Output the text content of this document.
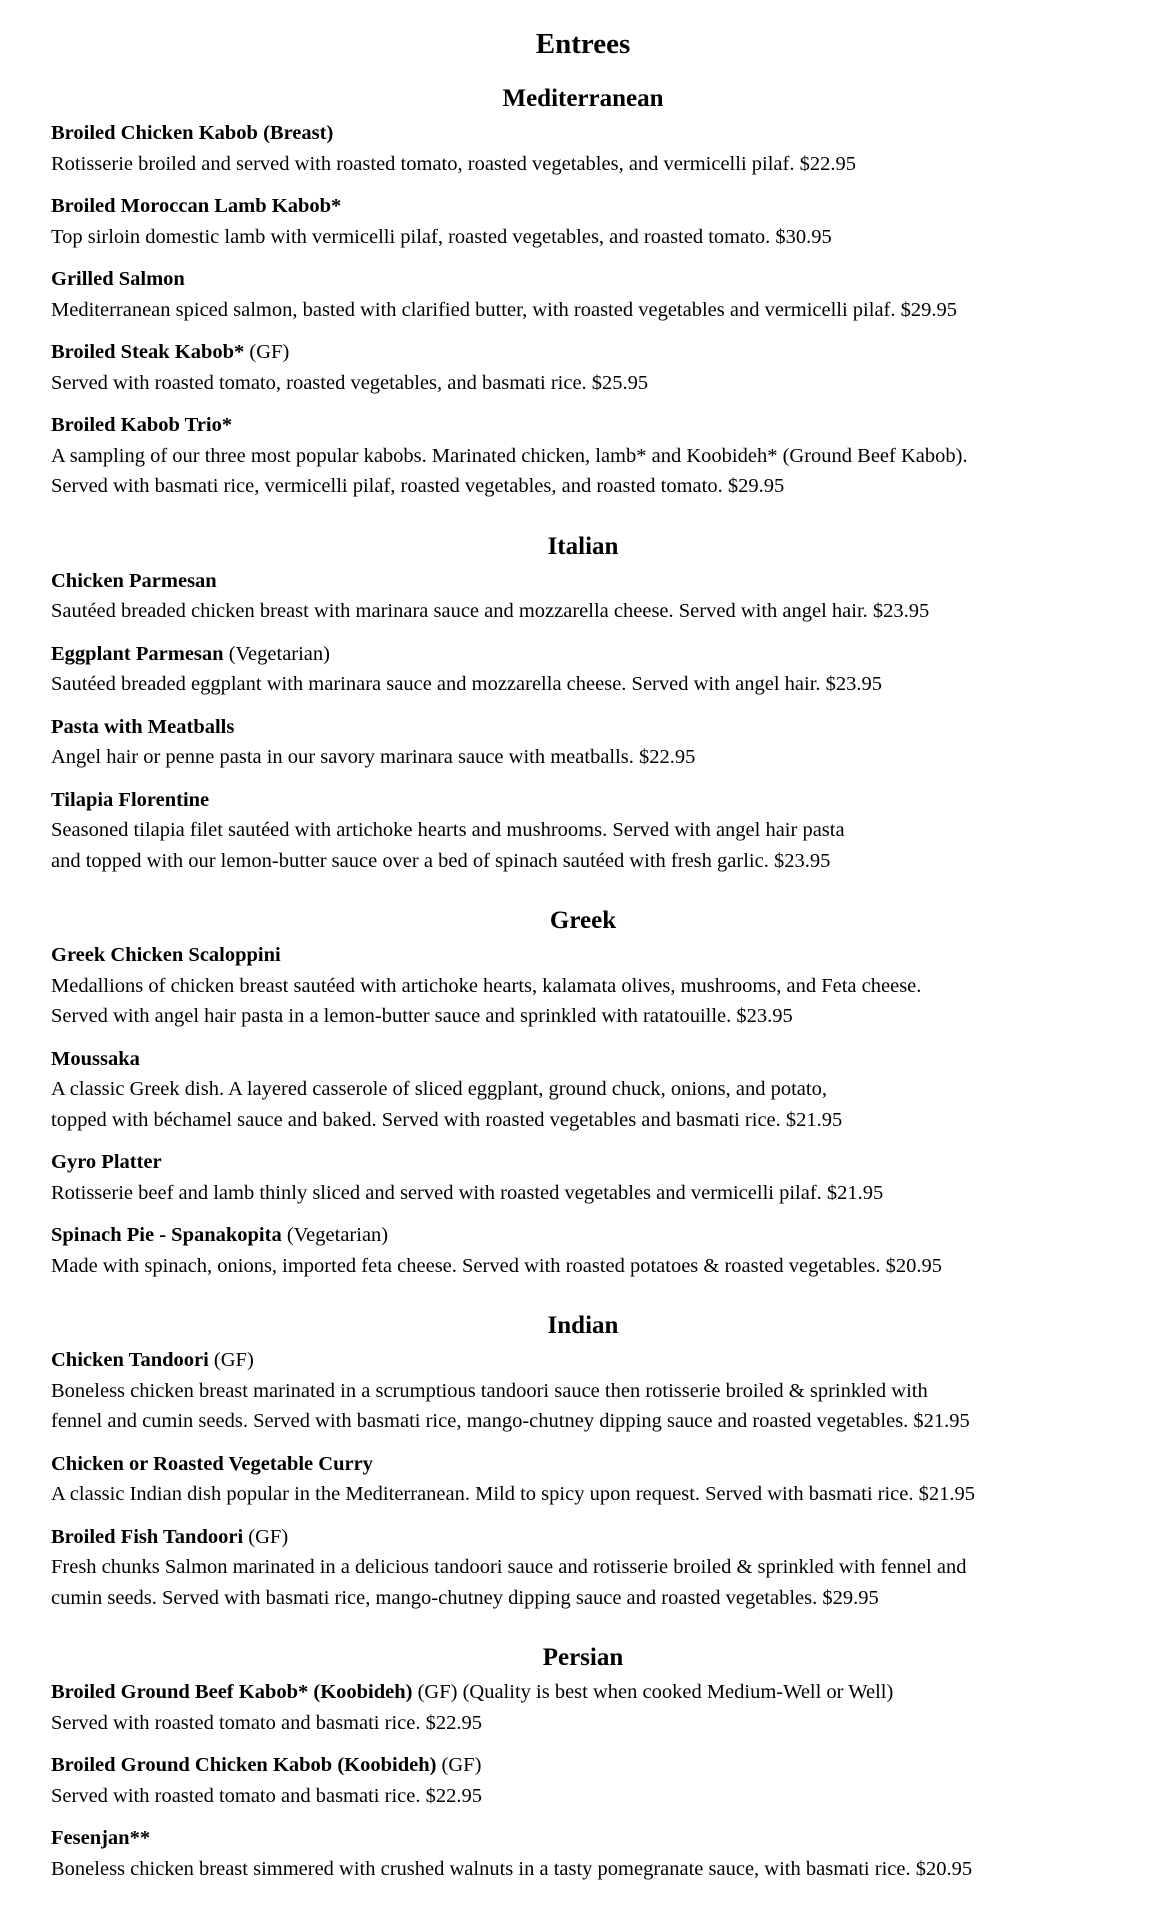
Entrees
Mediterranean
Broiled Chicken Kabob (Breast)
Rotisserie broiled and served with roasted tomato, roasted vegetables, and vermicelli pilaf. $22.95
Broiled Moroccan Lamb Kabob*
Top sirloin domestic lamb with vermicelli pilaf, roasted vegetables, and roasted tomato. $30.95
Grilled Salmon
Mediterranean spiced salmon, basted with clarified butter, with roasted vegetables and vermicelli pilaf. $29.95
Broiled Steak Kabob* (GF)
Served with roasted tomato, roasted vegetables, and basmati rice. $25.95
Broiled Kabob Trio*
A sampling of our three most popular kabobs. Marinated chicken, lamb* and Koobideh* (Ground Beef Kabob).
Served with basmati rice, vermicelli pilaf, roasted vegetables, and roasted tomato. $29.95
Italian
Chicken Parmesan
Sautéed breaded chicken breast with marinara sauce and mozzarella cheese. Served with angel hair. $23.95
Eggplant Parmesan (Vegetarian)
Sautéed breaded eggplant with marinara sauce and mozzarella cheese. Served with angel hair. $23.95
Pasta with Meatballs
Angel hair or penne pasta in our savory marinara sauce with meatballs. $22.95
Tilapia Florentine
Seasoned tilapia filet sautéed with artichoke hearts and mushrooms. Served with angel hair pasta
and topped with our lemon-butter sauce over a bed of spinach sautéed with fresh garlic. $23.95
Greek
Greek Chicken Scaloppini
Medallions of chicken breast sautéed with artichoke hearts, kalamata olives, mushrooms, and Feta cheese.
Served with angel hair pasta in a lemon-butter sauce and sprinkled with ratatouille. $23.95
Moussaka
A classic Greek dish. A layered casserole of sliced eggplant, ground chuck, onions, and potato,
topped with béchamel sauce and baked. Served with roasted vegetables and basmati rice. $21.95
Gyro Platter
Rotisserie beef and lamb thinly sliced and served with roasted vegetables and vermicelli pilaf. $21.95
Spinach Pie - Spanakopita (Vegetarian)
Made with spinach, onions, imported feta cheese. Served with roasted potatoes & roasted vegetables. $20.95
Indian
Chicken Tandoori (GF)
Boneless chicken breast marinated in a scrumptious tandoori sauce then rotisserie broiled & sprinkled with
fennel and cumin seeds. Served with basmati rice, mango-chutney dipping sauce and roasted vegetables. $21.95
Chicken or Roasted Vegetable Curry
A classic Indian dish popular in the Mediterranean. Mild to spicy upon request. Served with basmati rice. $21.95
Broiled Fish Tandoori (GF)
Fresh chunks Salmon marinated in a delicious tandoori sauce and rotisserie broiled & sprinkled with fennel and
cumin seeds. Served with basmati rice, mango-chutney dipping sauce and roasted vegetables. $29.95
Persian
Broiled Ground Beef Kabob* (Koobideh) (GF) (Quality is best when cooked Medium-Well or Well)
Served with roasted tomato and basmati rice. $22.95
Broiled Ground Chicken Kabob (Koobideh) (GF)
Served with roasted tomato and basmati rice. $22.95
Fesenjan**
Boneless chicken breast simmered with crushed walnuts in a tasty pomegranate sauce, with basmati rice. $20.95
